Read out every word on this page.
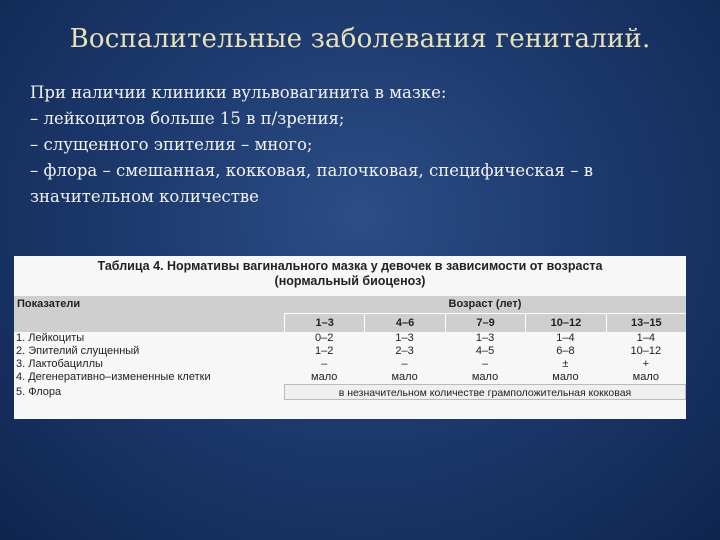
Воспалительные заболевания гениталий.
При наличии клиники вульвовагинита в мазке:
– лейкоцитов больше 15 в п/зрения;
– слущенного эпителия – много;
– флора – смешанная, кокковая, палочковая, специфическая – в значительном количестве
Таблица 4. Нормативы вагинального мазка у девочек в зависимости от возраста
(нормальный биоценоз)
Показатели	Возраст (лет)
1–3	4–6	7–9	10–12	13–15
1. Лейкоциты	0–2	1–3	1–3	1–4	1–4
2. Эпителий слущенный	1–2	2–3	4–5	6–8	10–12
3. Лактобациллы	–	–	–	±	+
4. Дегенеративно–измененные клетки	мало	мало	мало	мало	мало
5. Флора	в незначительном количестве грамположительная кокковая
